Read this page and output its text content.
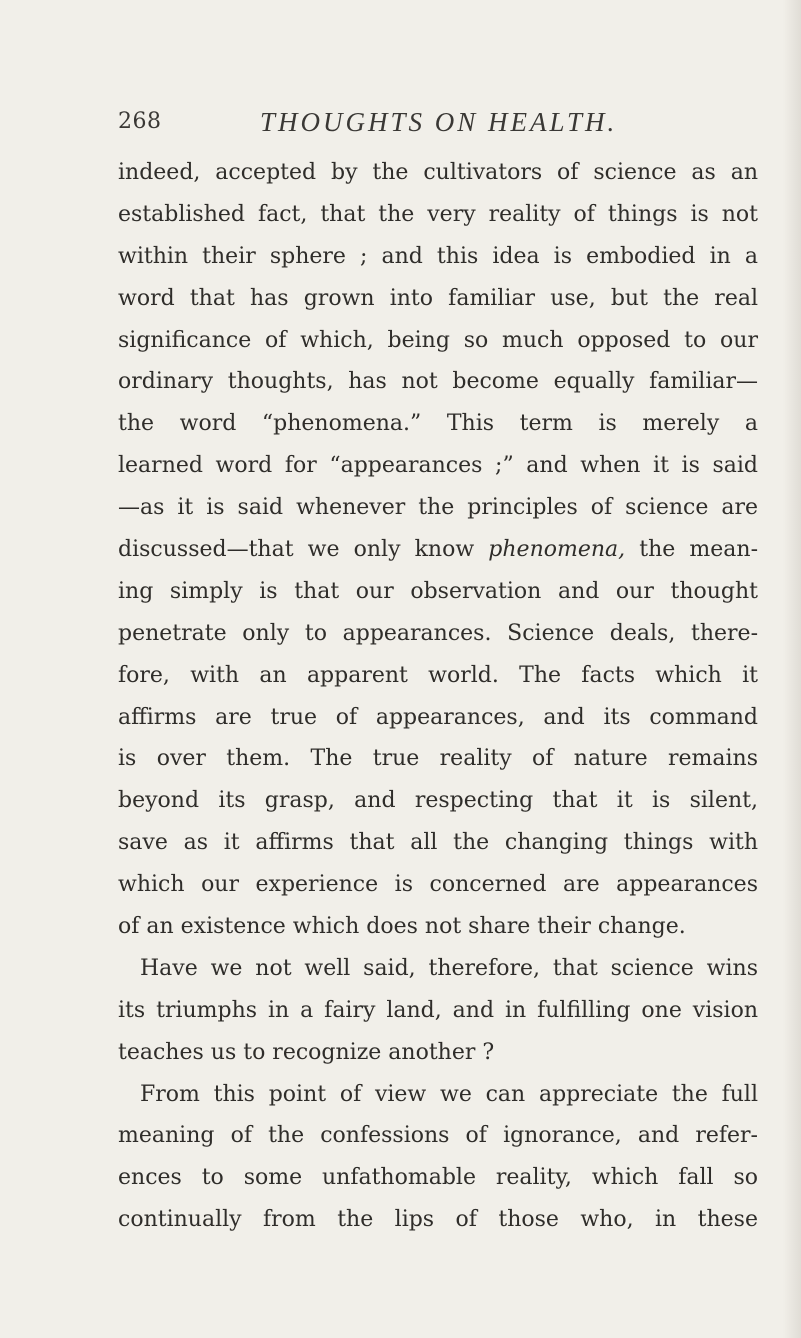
268	THOUGHTS ON HEALTH.
indeed, accepted by the cultivators of science as an
established fact, that the very reality of things is not
within their sphere ; and this idea is embodied in a
word that has grown into familiar use, but the real
significance of which, being so much opposed to our
ordinary thoughts, has not become equally familiar—
the word “phenomena.” This term is merely a
learned word for “appearances ;” and when it is said
—as it is said whenever the principles of science are
discussed—that we only know phenomena, the mean-
ing simply is that our observation and our thought
penetrate only to appearances. Science deals, there-
fore, with an apparent world. The facts which it
affirms are true of appearances, and its command
is over them. The true reality of nature remains
beyond its grasp, and respecting that it is silent,
save as it affirms that all the changing things with
which our experience is concerned are appearances
of an existence which does not share their change.
Have we not well said, therefore, that science wins
its triumphs in a fairy land, and in fulfilling one vision
teaches us to recognize another ?
From this point of view we can appreciate the full
meaning of the confessions of ignorance, and refer-
ences to some unfathomable reality, which fall so
continually from the lips of those who, in these
